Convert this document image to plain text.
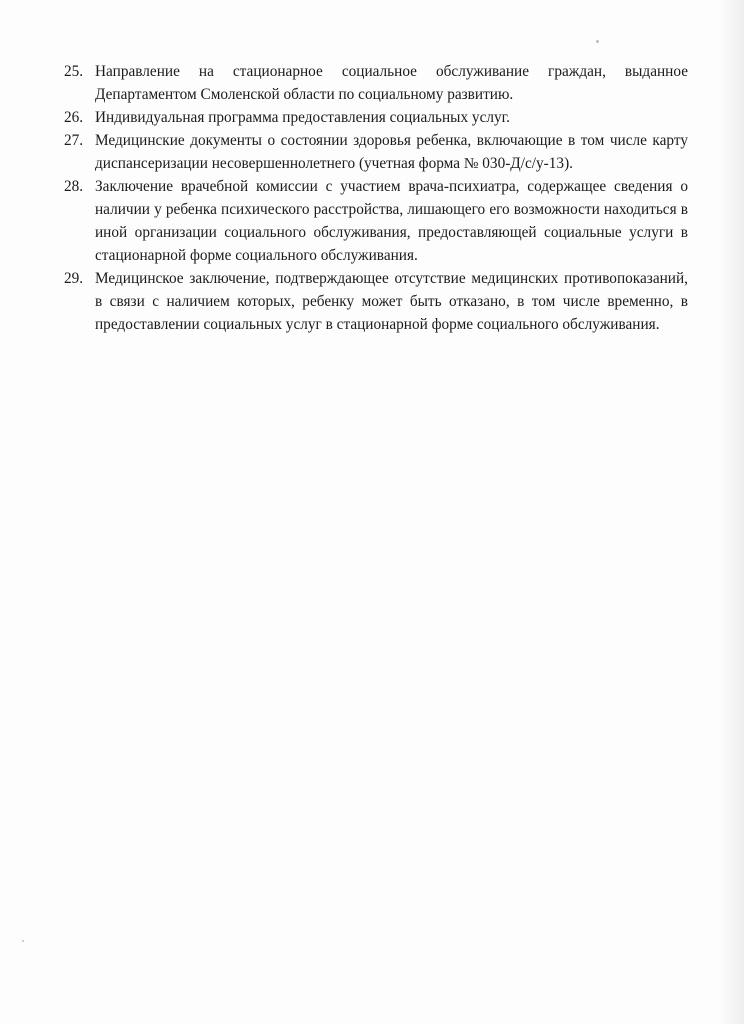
25. Направление на стационарное социальное обслуживание граждан, выданное Департаментом Смоленской области по социальному развитию.
26. Индивидуальная программа предоставления социальных услуг.
27. Медицинские документы о состоянии здоровья ребенка, включающие в том числе карту диспансеризации несовершеннолетнего (учетная форма № 030-Д/с/у-13).
28. Заключение врачебной комиссии с участием врача-психиатра, содержащее сведения о наличии у ребенка психического расстройства, лишающего его возможности находиться в иной организации социального обслуживания, предоставляющей социальные услуги в стационарной форме социального обслуживания.
29. Медицинское заключение, подтверждающее отсутствие медицинских противопоказаний, в связи с наличием которых, ребенку может быть отказано, в том числе временно, в предоставлении социальных услуг в стационарной форме социального обслуживания.
